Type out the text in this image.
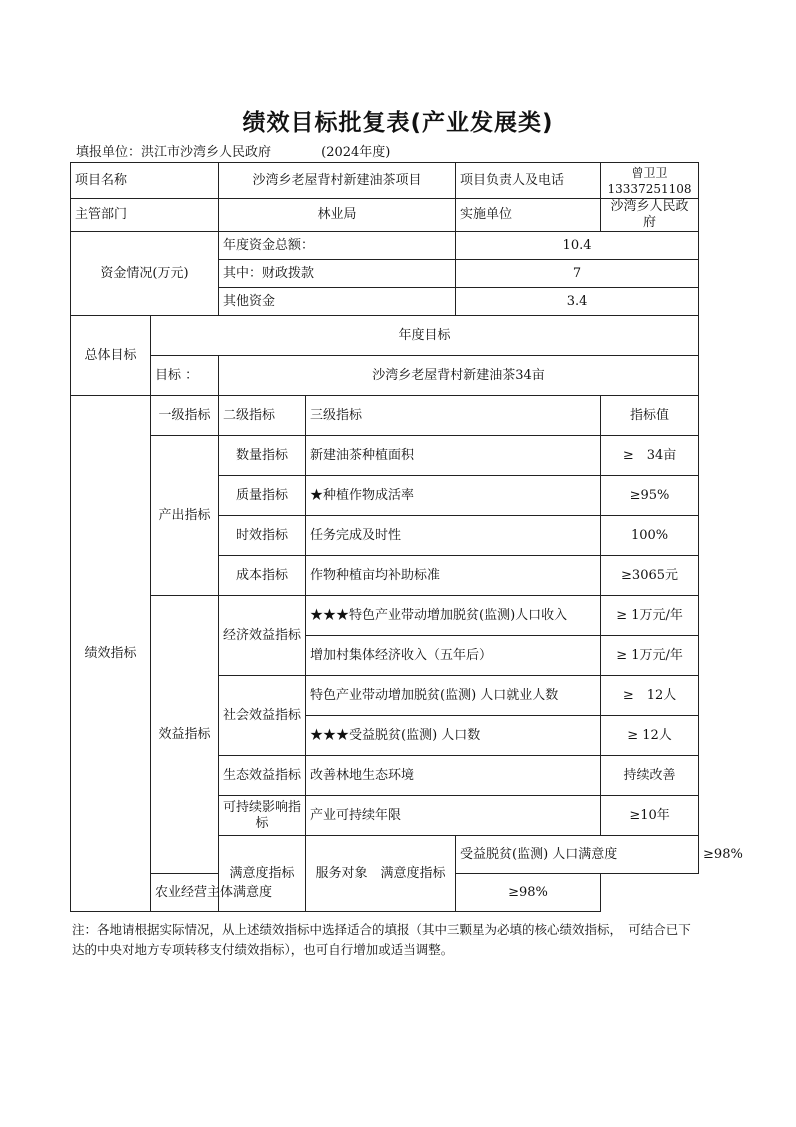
绩效目标批复表(产业发展类)
填报单位：洪江市沙湾乡人民政府	(2024年度)
项目名称		沙湾乡老屋背村新建油茶项目		项目负责人及电话	曾卫卫
13337251108	

主管部门		林业局		实施单位	沙湾乡人民政府	
资金情况(万元)		年度资金总额：		10.4		
		其中：财政拨款		7		
		其他资金		3.4		
总体目标	年度目标					
	目标 ：	沙湾乡老屋背村新建油茶34亩				
绩效指标	一级指标	二级指标	三级指标		指标值	
	产出指标	数量指标	新建油茶种植面积		≥　34亩	
		质量指标	★种植作物成活率		≥95%	
		时效指标	任务完成及时性		100%	
		成本指标	作物种植亩均补助标准		≥3065元	
	效益指标	经济效益指标	★★★特色产业带动增加脱贫(监测)人口收入		≥ 1万元/年	
			增加村集体经济收入（五年后）		≥ 1万元/年	
		社会效益指标	特色产业带动增加脱贫(监测) 人口就业人数		≥　12人	
			★★★受益脱贫(监测) 人口数		≥ 12人	
		生态效益指标	改善林地生态环境		持续改善	
		可持续影响指标	产业可持续年限		≥10年	
		满意度指标	服务对象　满意度指标	受益脱贫(监测) 人口满意度		≥98%
	农业经营主体满意度			≥98%		
注：各地请根据实际情况，从上述绩效指标中选择适合的填报（其中三颗星为必填的核心绩效指标，　可结合已下达的中央对地方专项转移支付绩效指标），也可自行增加或适当调整。
